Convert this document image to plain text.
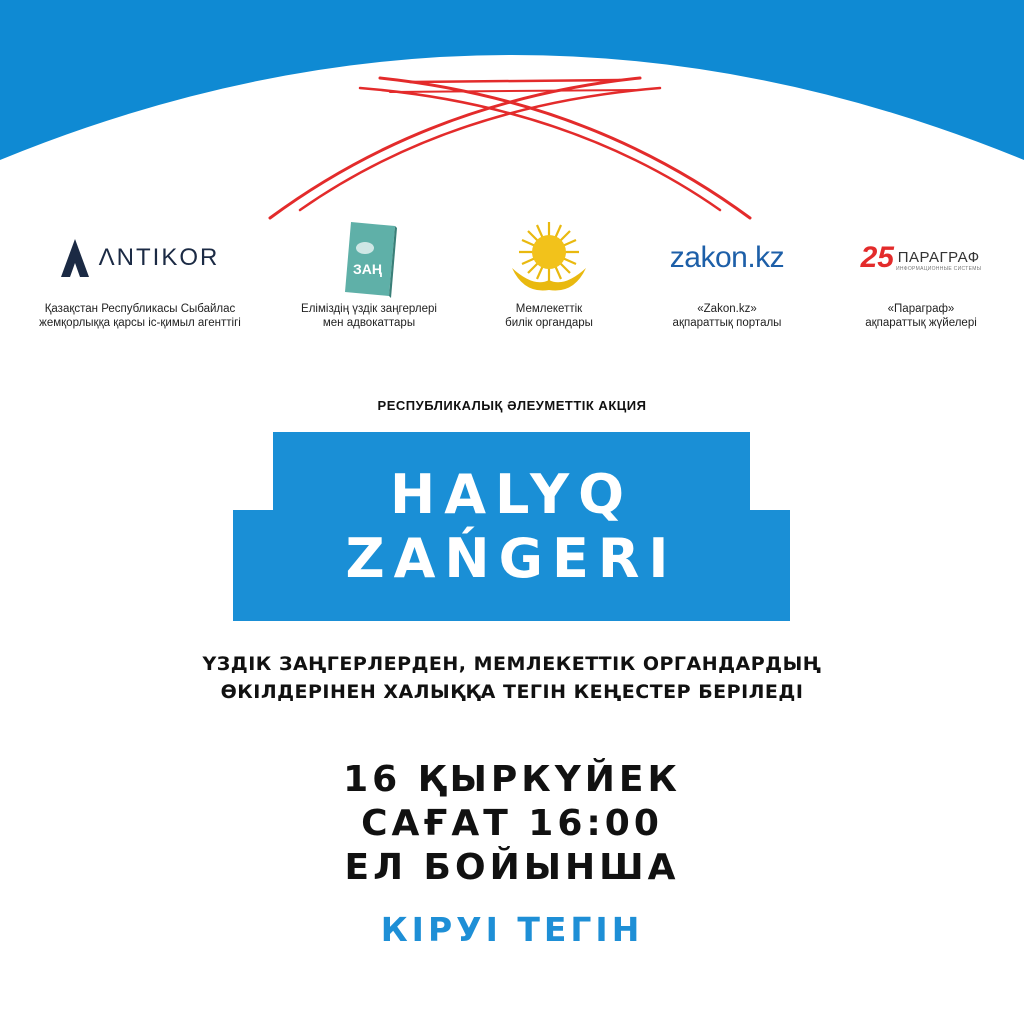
ΛNTIKOR
Қазақстан Республикасы Сыбайлас
жемқорлыққа қарсы іс-қимыл агенттігі
ЗАҢ
Еліміздің үздік заңгерлері
мен адвокаттары
Мемлекеттік
билік органдары
zakon.kz
«Zakon.kz»
ақпараттық порталы
25 ПАРАГРАФ
ИНФОРМАЦИОННЫЕ СИСТЕМЫ
«Параграф»
ақпараттық жүйелері
РЕСПУБЛИКАЛЫҚ ӘЛЕУМЕТТІК АКЦИЯ
HALYQ
ZAŃGERI
ҮЗДІК ЗАҢГЕРЛЕРДЕН, МЕМЛЕКЕТТІК ОРГАНДАРДЫҢ
ӨКІЛДЕРІНЕН ХАЛЫҚҚА ТЕГІН КЕҢЕСТЕР БЕРІЛЕДІ
16 ҚЫРКҮЙЕК
САҒАТ 16:00
ЕЛ БОЙЫНША
КІРУІ ТЕГІН
